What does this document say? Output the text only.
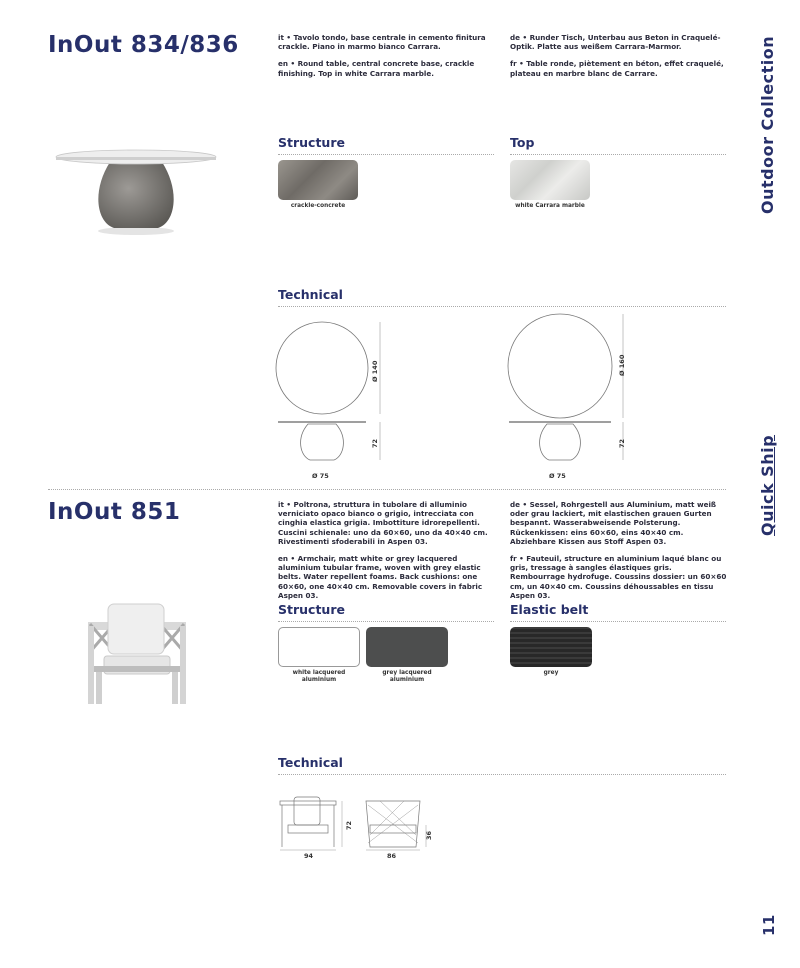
Outdoor Collection
Quick Ship
11
InOut 834/836	it • Tavolo tondo, base centrale in cemento finitura crackle. Piano in marmo bianco Carrara.

en • Round table, central concrete base, crackle finishing. Top in white Carrara marble.

de • Runder Tisch, Unterbau aus Beton in Craquelé-Optik. Platte aus weißem Carrara-Marmor.

fr • Table ronde, piètement en béton, effet craquelé, plateau en marbre blanc de Carrare.

Structure
crackle-concrete
Top
white Carrara marble
Technical
Ø 140
72
Ø 75
Ø 160
72
Ø 75
InOut 851	it • Poltrona, struttura in tubolare di alluminio verniciato opaco bianco o grigio, intrecciata con cinghia elastica grigia. Imbottiture idrorepellenti. Cuscini schienale: uno da 60×60, uno da 40×40 cm. Rivestimenti sfoderabili in Aspen 03.

en • Armchair, matt white or grey lacquered aluminium tubular frame, woven with grey elastic belts. Water repellent foams. Back cushions: one 60×60, one 40×40 cm. Removable covers in fabric Aspen 03.

de • Sessel, Rohrgestell aus Aluminium, matt weiß oder grau lackiert, mit elastischen grauen Gurten bespannt. Wasserabweisende Polsterung. Rückenkissen: eins 60×60, eins 40×40 cm. Abziehbare Kissen aus Stoff Aspen 03.

fr • Fauteuil, structure en aluminium laqué blanc ou gris, tressage à sangles élastiques gris. Rembourrage hydrofuge. Coussins dossier: un 60×60 cm, un 40×40 cm. Coussins déhoussables en tissu Aspen 03.

Structure
white lacquered aluminium
grey lacquered aluminium
Elastic belt
grey
Technical
94
72
86
36
